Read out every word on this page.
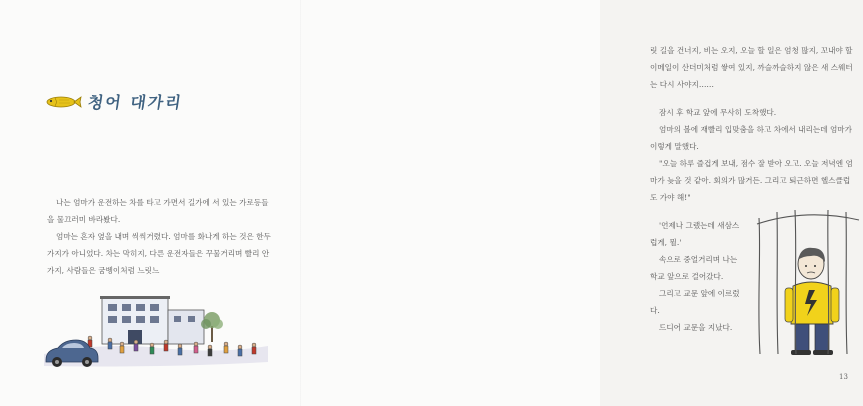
청어 대가리

나는 엄마가 운전하는 차를 타고 가면서 길가에 서 있는 가로등들을 물끄러미 바라봤다.

엄마는 혼자 옆을 내며 씩씩거렸다. 엄마를 화나게 하는 것은 한두 가지가 아니었다. 차는 막히지, 다른 운전자들은 꾸물거리며 빨리 안 가지, 사람들은 굼벵이처럼 느릿느

릿 길을 건너지, 비는 오지, 오늘 할 일은 엄청 많지, 꼬내야 할 이메일이 산더미처럼 쌓여 있지, 까슬까슬하지 않은 새 스웨터는 다시 사야지……

잠시 후 학교 앞에 무사히 도착했다.

엄마의 볼에 재빨리 입맞춤을 하고 차에서 내리는데 엄마가 이렇게 말했다.

"오늘 하루 즐겁게 보내, 점수 잘 받아 오고. 오늘 저녁엔 엄마가 늦을 것 같아. 회의가 많거든. 그리고 퇴근하면 헬스클럽도 가야 해!"

'언제나 그랬는데 새삼스럽게, 뭘.'

속으로 중얼거리며 나는 학교 앞으로 걸어갔다.

그리고 교문 앞에 이르렀다.

드디어 교문을 지났다.

13
